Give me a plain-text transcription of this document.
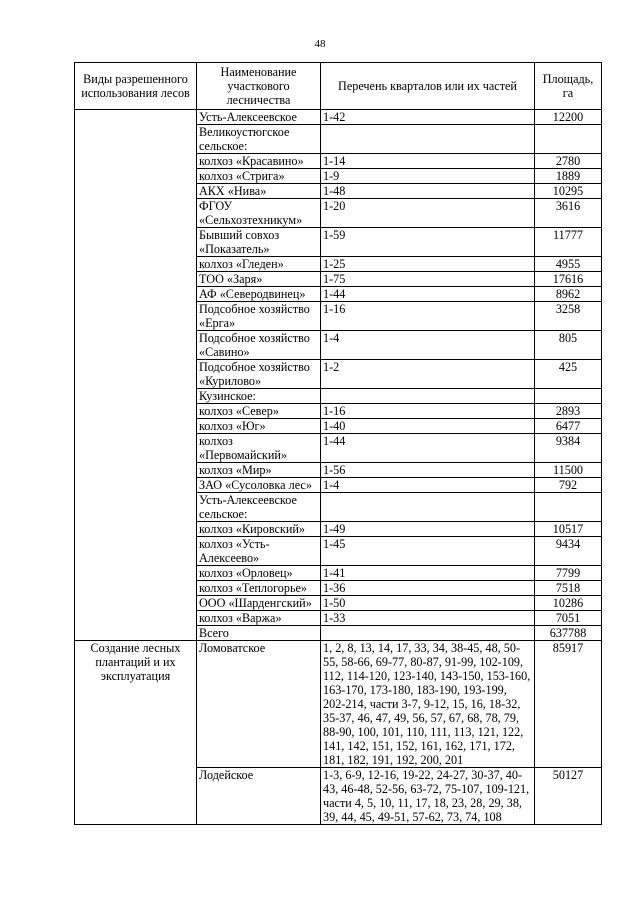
48
Виды разрешенного использования лесов	Наименование участкового лесничества	Перечень кварталов или их частей	Площадь, га
	Усть-Алексеевское	1-42	12200
	Великоустюгское сельское:		
	колхоз «Красавино»	1-14	2780
	колхоз «Стрига»	1-9	1889
	АКХ «Нива»	1-48	10295
	ФГОУ «Сельхозтехникум»	1-20	3616
	Бывший совхоз «Показатель»	1-59	11777
	колхоз «Гледен»	1-25	4955
	ТОО «Заря»	1-75	17616
	АФ «Северодвинец»	1-44	8962
	Подсобное хозяйство «Ерга»	1-16	3258
	Подсобное хозяйство «Савино»	1-4	805
	Подсобное хозяйство «Курилово»	1-2	425
	Кузинское:		
	колхоз «Север»	1-16	2893
	колхоз «Юг»	1-40	6477
	колхоз «Первомайский»	1-44	9384
	колхоз «Мир»	1-56	11500
	ЗАО «Сусоловка лес»	1-4	792
	Усть-Алексеевское сельское:		
	колхоз «Кировский»	1-49	10517
	колхоз «Усть-Алексеево»	1-45	9434
	колхоз «Орловец»	1-41	7799
	колхоз «Теплогорье»	1-36	7518
	ООО «Шарденгский»	1-50	10286
	колхоз «Варжа»	1-33	7051
	Всего		637788
Создание лесных плантаций и их эксплуатация	Ломоватское	1, 2, 8, 13, 14, 17, 33, 34, 38-45, 48, 50-55, 58-66, 69-77, 80-87, 91-99, 102-109, 112, 114-120, 123-140, 143-150, 153-160, 163-170, 173-180, 183-190, 193-199, 202-214, части 3-7, 9-12, 15, 16, 18-32, 35-37, 46, 47, 49, 56, 57, 67, 68, 78, 79, 88-90, 100, 101, 110, 111, 113, 121, 122, 141, 142, 151, 152, 161, 162, 171, 172, 181, 182, 191, 192, 200, 201	85917
	Лодейское	1-3, 6-9, 12-16, 19-22, 24-27, 30-37, 40-43, 46-48, 52-56, 63-72, 75-107, 109-121, части 4, 5, 10, 11, 17, 18, 23, 28, 29, 38, 39, 44, 45, 49-51, 57-62, 73, 74, 108	50127
